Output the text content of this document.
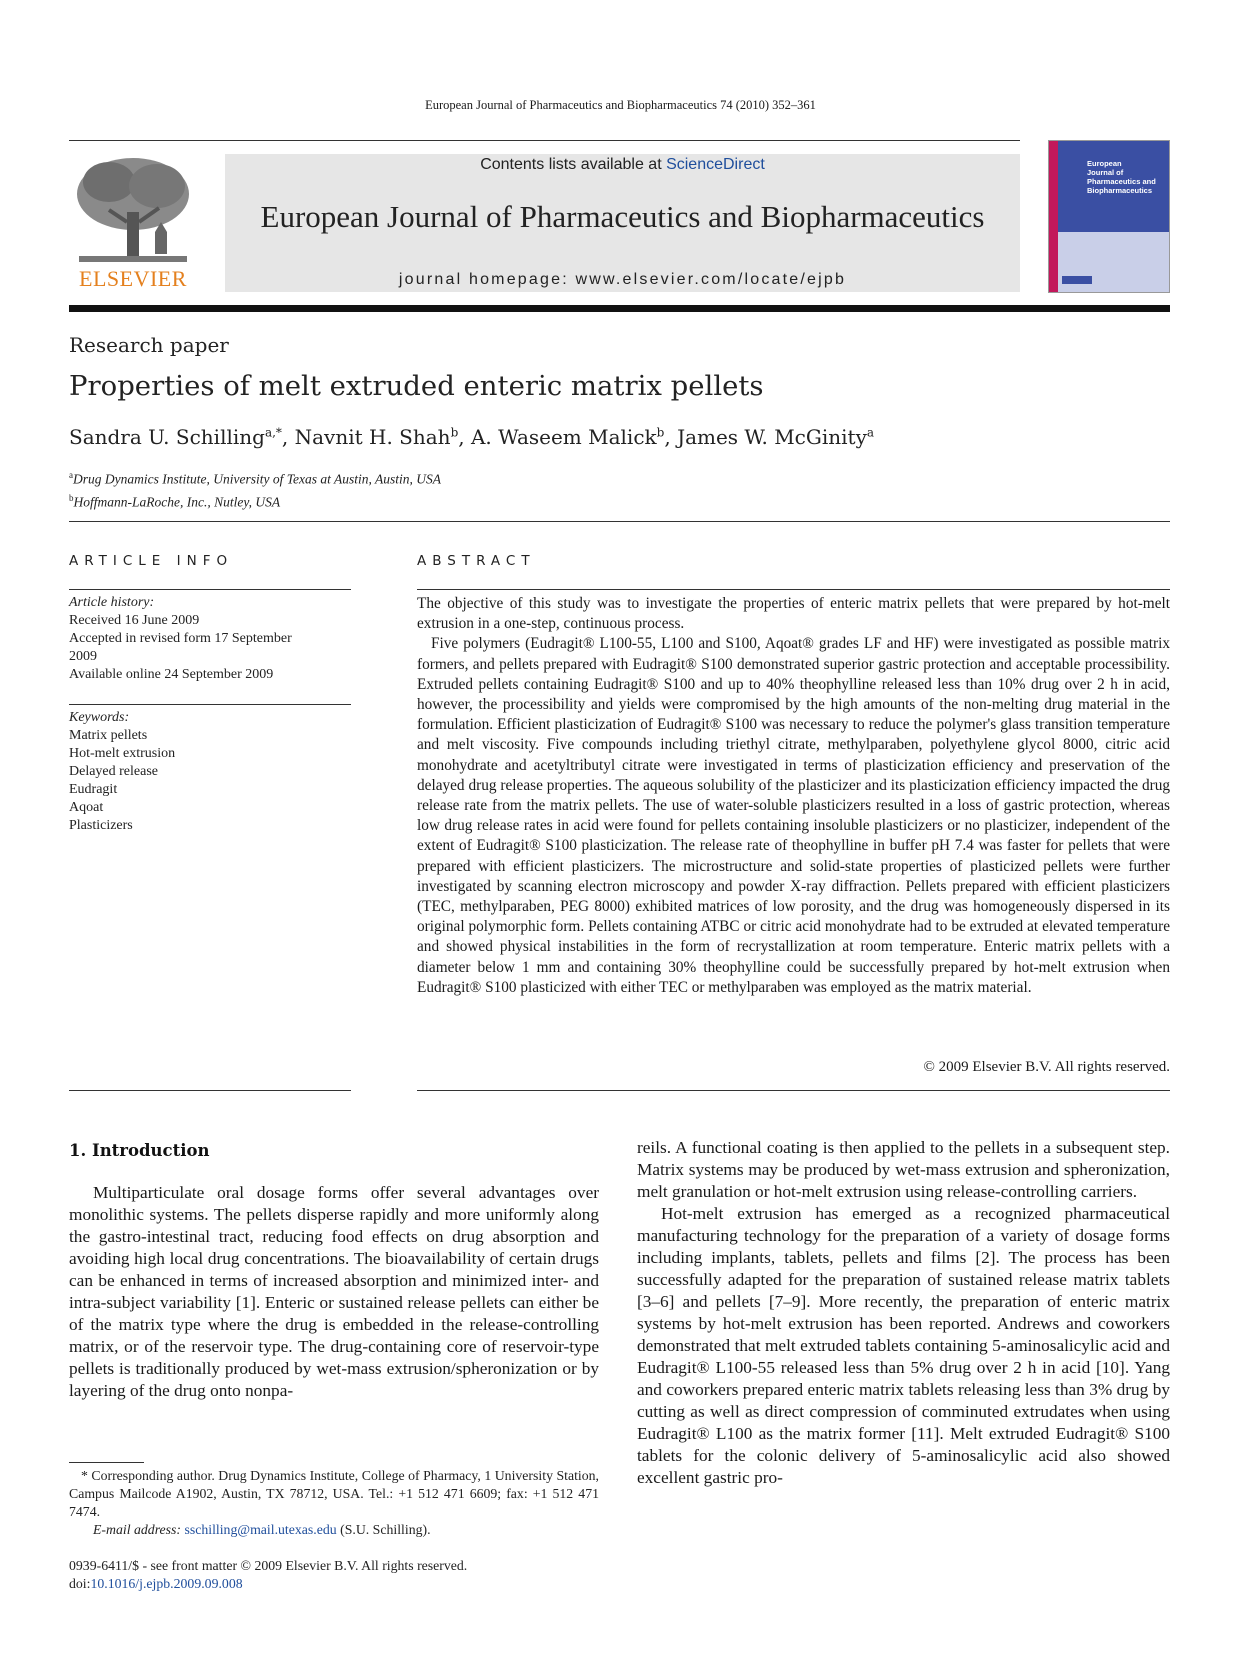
European Journal of Pharmaceutics and Biopharmaceutics 74 (2010) 352–361
ELSEVIER
Contents lists available at ScienceDirect
European Journal of Pharmaceutics and Biopharmaceutics
journal homepage: www.elsevier.com/locate/ejpb
European
Journal of
Pharmaceutics and
Biopharmaceutics
Research paper
Properties of melt extruded enteric matrix pellets
Sandra U. Schilling$^{a,*}$, Navnit H. Shah$^b$, A. Waseem Malick$^b$, James W. McGinity$^a$
$^a$Drug Dynamics Institute, University of Texas at Austin, Austin, USA
$^b$Hoffmann-LaRoche, Inc., Nutley, USA
ARTICLE INFO	ABSTRACT
Article history:
Received 16 June 2009
Accepted in revised form 17 September
2009
Available online 24 September 2009
Keywords:
Matrix pellets
Hot-melt extrusion
Delayed release
Eudragit
Aqoat
Plasticizers

The objective of this study was to investigate the properties of enteric matrix pellets that were prepared by hot-melt extrusion in a one-step, continuous process.

Five polymers (Eudragit® L100-55, L100 and S100, Aqoat® grades LF and HF) were investigated as possible matrix formers, and pellets prepared with Eudragit® S100 demonstrated superior gastric protection and acceptable processibility. Extruded pellets containing Eudragit® S100 and up to 40% theophylline released less than 10% drug over 2 h in acid, however, the processibility and yields were compromised by the high amounts of the non-melting drug material in the formulation. Efficient plasticization of Eudragit® S100 was necessary to reduce the polymer's glass transition temperature and melt viscosity. Five compounds including triethyl citrate, methylparaben, polyethylene glycol 8000, citric acid monohydrate and acetyltributyl citrate were investigated in terms of plasticization efficiency and preservation of the delayed drug release properties. The aqueous solubility of the plasticizer and its plasticization efficiency impacted the drug release rate from the matrix pellets. The use of water-soluble plasticizers resulted in a loss of gastric protection, whereas low drug release rates in acid were found for pellets containing insoluble plasticizers or no plasticizer, independent of the extent of Eudragit® S100 plasticization. The release rate of theophylline in buffer pH 7.4 was faster for pellets that were prepared with efficient plasticizers. The microstructure and solid-state properties of plasticized pellets were further investigated by scanning electron microscopy and powder X-ray diffraction. Pellets prepared with efficient plasticizers (TEC, methylparaben, PEG 8000) exhibited matrices of low porosity, and the drug was homogeneously dispersed in its original polymorphic form. Pellets containing ATBC or citric acid monohydrate had to be extruded at elevated temperature and showed physical instabilities in the form of recrystallization at room temperature. Enteric matrix pellets with a diameter below 1 mm and containing 30% theophylline could be successfully prepared by hot-melt extrusion when Eudragit® S100 plasticized with either TEC or methylparaben was employed as the matrix material.

© 2009 Elsevier B.V. All rights reserved.
1. Introduction

Multiparticulate oral dosage forms offer several advantages over monolithic systems. The pellets disperse rapidly and more uniformly along the gastro-intestinal tract, reducing food effects on drug absorption and avoiding high local drug concentrations. The bioavailability of certain drugs can be enhanced in terms of increased absorption and minimized inter- and intra-subject variability [1]. Enteric or sustained release pellets can either be of the matrix type where the drug is embedded in the release-controlling matrix, or of the reservoir type. The drug-containing core of reservoir-type pellets is traditionally produced by wet-mass extrusion/spheronization or by layering of the drug onto nonpa-

reils. A functional coating is then applied to the pellets in a subsequent step. Matrix systems may be produced by wet-mass extrusion and spheronization, melt granulation or hot-melt extrusion using release-controlling carriers.

Hot-melt extrusion has emerged as a recognized pharmaceutical manufacturing technology for the preparation of a variety of dosage forms including implants, tablets, pellets and films [2]. The process has been successfully adapted for the preparation of sustained release matrix tablets [3–6] and pellets [7–9]. More recently, the preparation of enteric matrix systems by hot-melt extrusion has been reported. Andrews and coworkers demonstrated that melt extruded tablets containing 5-aminosalicylic acid and Eudragit® L100-55 released less than 5% drug over 2 h in acid [10]. Yang and coworkers prepared enteric matrix tablets releasing less than 3% drug by cutting as well as direct compression of comminuted extrudates when using Eudragit® L100 as the matrix former [11]. Melt extruded Eudragit® S100 tablets for the colonic delivery of 5-aminosalicylic acid also showed excellent gastric pro-

* Corresponding author. Drug Dynamics Institute, College of Pharmacy, 1 University Station, Campus Mailcode A1902, Austin, TX 78712, USA. Tel.: +1 512 471 6609; fax: +1 512 471 7474.

E-mail address: sschilling@mail.utexas.edu (S.U. Schilling).

0939-6411/$ - see front matter © 2009 Elsevier B.V. All rights reserved.
doi:10.1016/j.ejpb.2009.09.008
